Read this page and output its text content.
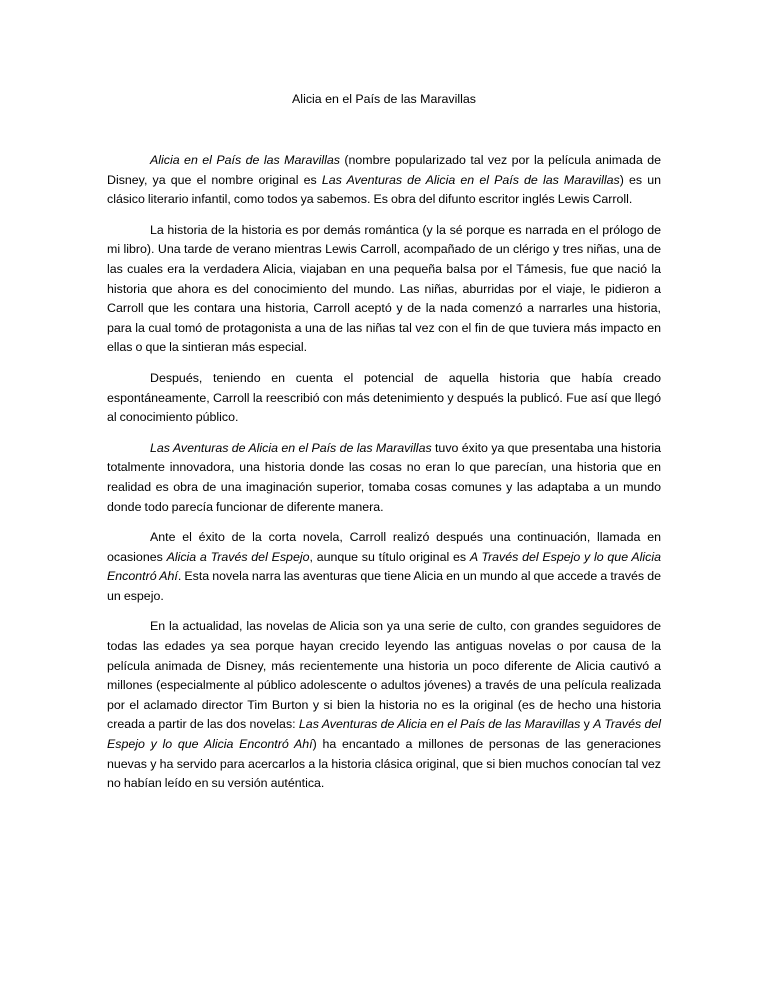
Alicia en el País de las Maravillas

Alicia en el País de las Maravillas (nombre popularizado tal vez por la película animada de Disney, ya que el nombre original es Las Aventuras de Alicia en el País de las Maravillas) es un clásico literario infantil, como todos ya sabemos. Es obra del difunto escritor inglés Lewis Carroll.

La historia de la historia es por demás romántica (y la sé porque es narrada en el prólogo de mi libro). Una tarde de verano mientras Lewis Carroll, acompañado de un clérigo y tres niñas, una de las cuales era la verdadera Alicia, viajaban en una pequeña balsa por el Támesis, fue que nació la historia que ahora es del conocimiento del mundo. Las niñas, aburridas por el viaje, le pidieron a Carroll que les contara una historia, Carroll aceptó y de la nada comenzó a narrarles una historia, para la cual tomó de protagonista a una de las niñas tal vez con el fin de que tuviera más impacto en ellas o que la sintieran más especial.

Después, teniendo en cuenta el potencial de aquella historia que había creado espontáneamente, Carroll la reescribió con más detenimiento y después la publicó. Fue así que llegó al conocimiento público.

Las Aventuras de Alicia en el País de las Maravillas tuvo éxito ya que presentaba una historia totalmente innovadora, una historia donde las cosas no eran lo que parecían, una historia que en realidad es obra de una imaginación superior, tomaba cosas comunes y las adaptaba a un mundo donde todo parecía funcionar de diferente manera.

Ante el éxito de la corta novela, Carroll realizó después una continuación, llamada en ocasiones Alicia a Través del Espejo, aunque su título original es A Través del Espejo y lo que Alicia Encontró Ahí. Esta novela narra las aventuras que tiene Alicia en un mundo al que accede a través de un espejo.

En la actualidad, las novelas de Alicia son ya una serie de culto, con grandes seguidores de todas las edades ya sea porque hayan crecido leyendo las antiguas novelas o por causa de la película animada de Disney, más recientemente una historia un poco diferente de Alicia cautivó a millones (especialmente al público adolescente o adultos jóvenes) a través de una película realizada por el aclamado director Tim Burton y si bien la historia no es la original (es de hecho una historia creada a partir de las dos novelas: Las Aventuras de Alicia en el País de las Maravillas y A Través del Espejo y lo que Alicia Encontró Ahí) ha encantado a millones de personas de las generaciones nuevas y ha servido para acercarlos a la historia clásica original, que si bien muchos conocían tal vez no habían leído en su versión auténtica.
